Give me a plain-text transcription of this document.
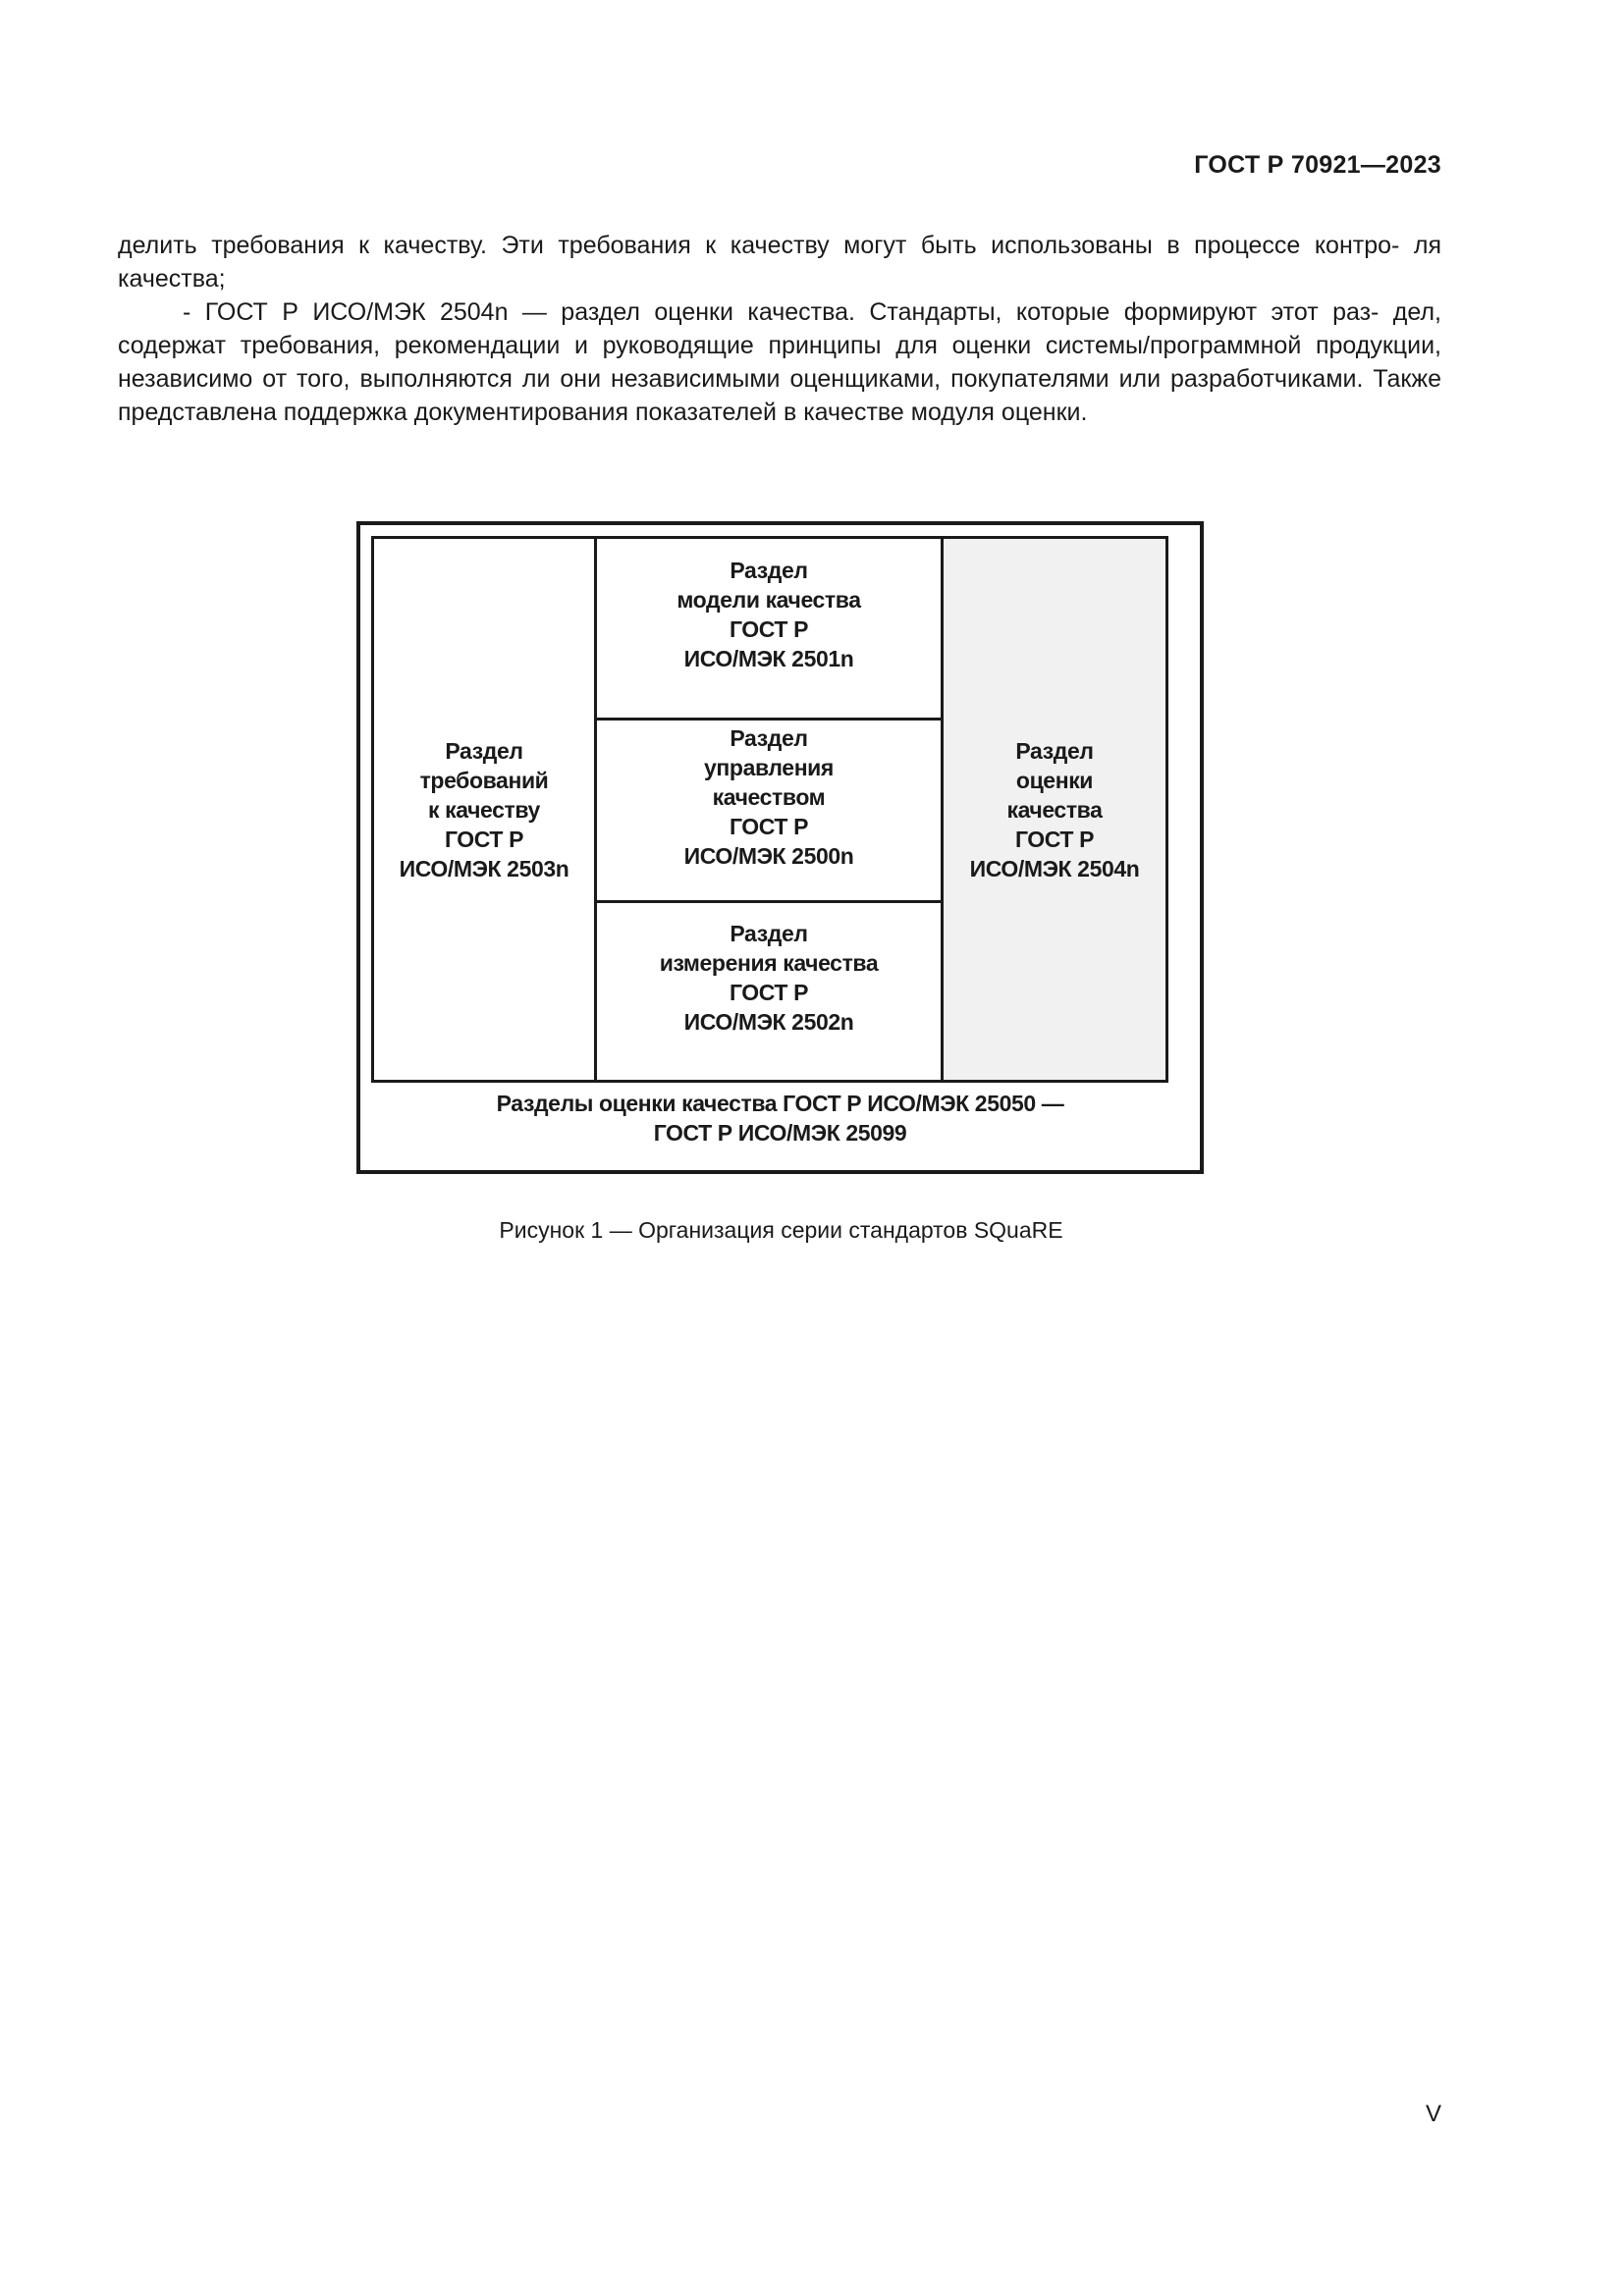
ГОСТ Р 70921—2023

делить требования к качеству. Эти требования к качеству могут быть использованы в процессе контро- ля качества;

- ГОСТ Р ИСО/МЭК 2504n — раздел оценки качества. Стандарты, которые формируют этот раз- дел, содержат требования, рекомендации и руководящие принципы для оценки системы/программной продукции, независимо от того, выполняются ли они независимыми оценщиками, покупателями или разработчиками. Также представлена поддержка документирования показателей в качестве модуля оценки.

Раздел
требований
к качеству
ГОСТ Р
ИСО/МЭК 2503n
Раздел
модели качества
ГОСТ Р
ИСО/МЭК 2501n
Раздел
управления
качеством
ГОСТ Р
ИСО/МЭК 2500n
Раздел
измерения качества
ГОСТ Р
ИСО/МЭК 2502n
Раздел
оценки
качества
ГОСТ Р
ИСО/МЭК 2504n
Разделы оценки качества ГОСТ Р ИСО/МЭК 25050 —
ГОСТ Р ИСО/МЭК 25099
Рисунок 1 — Организация серии стандартов SQuaRE
V
